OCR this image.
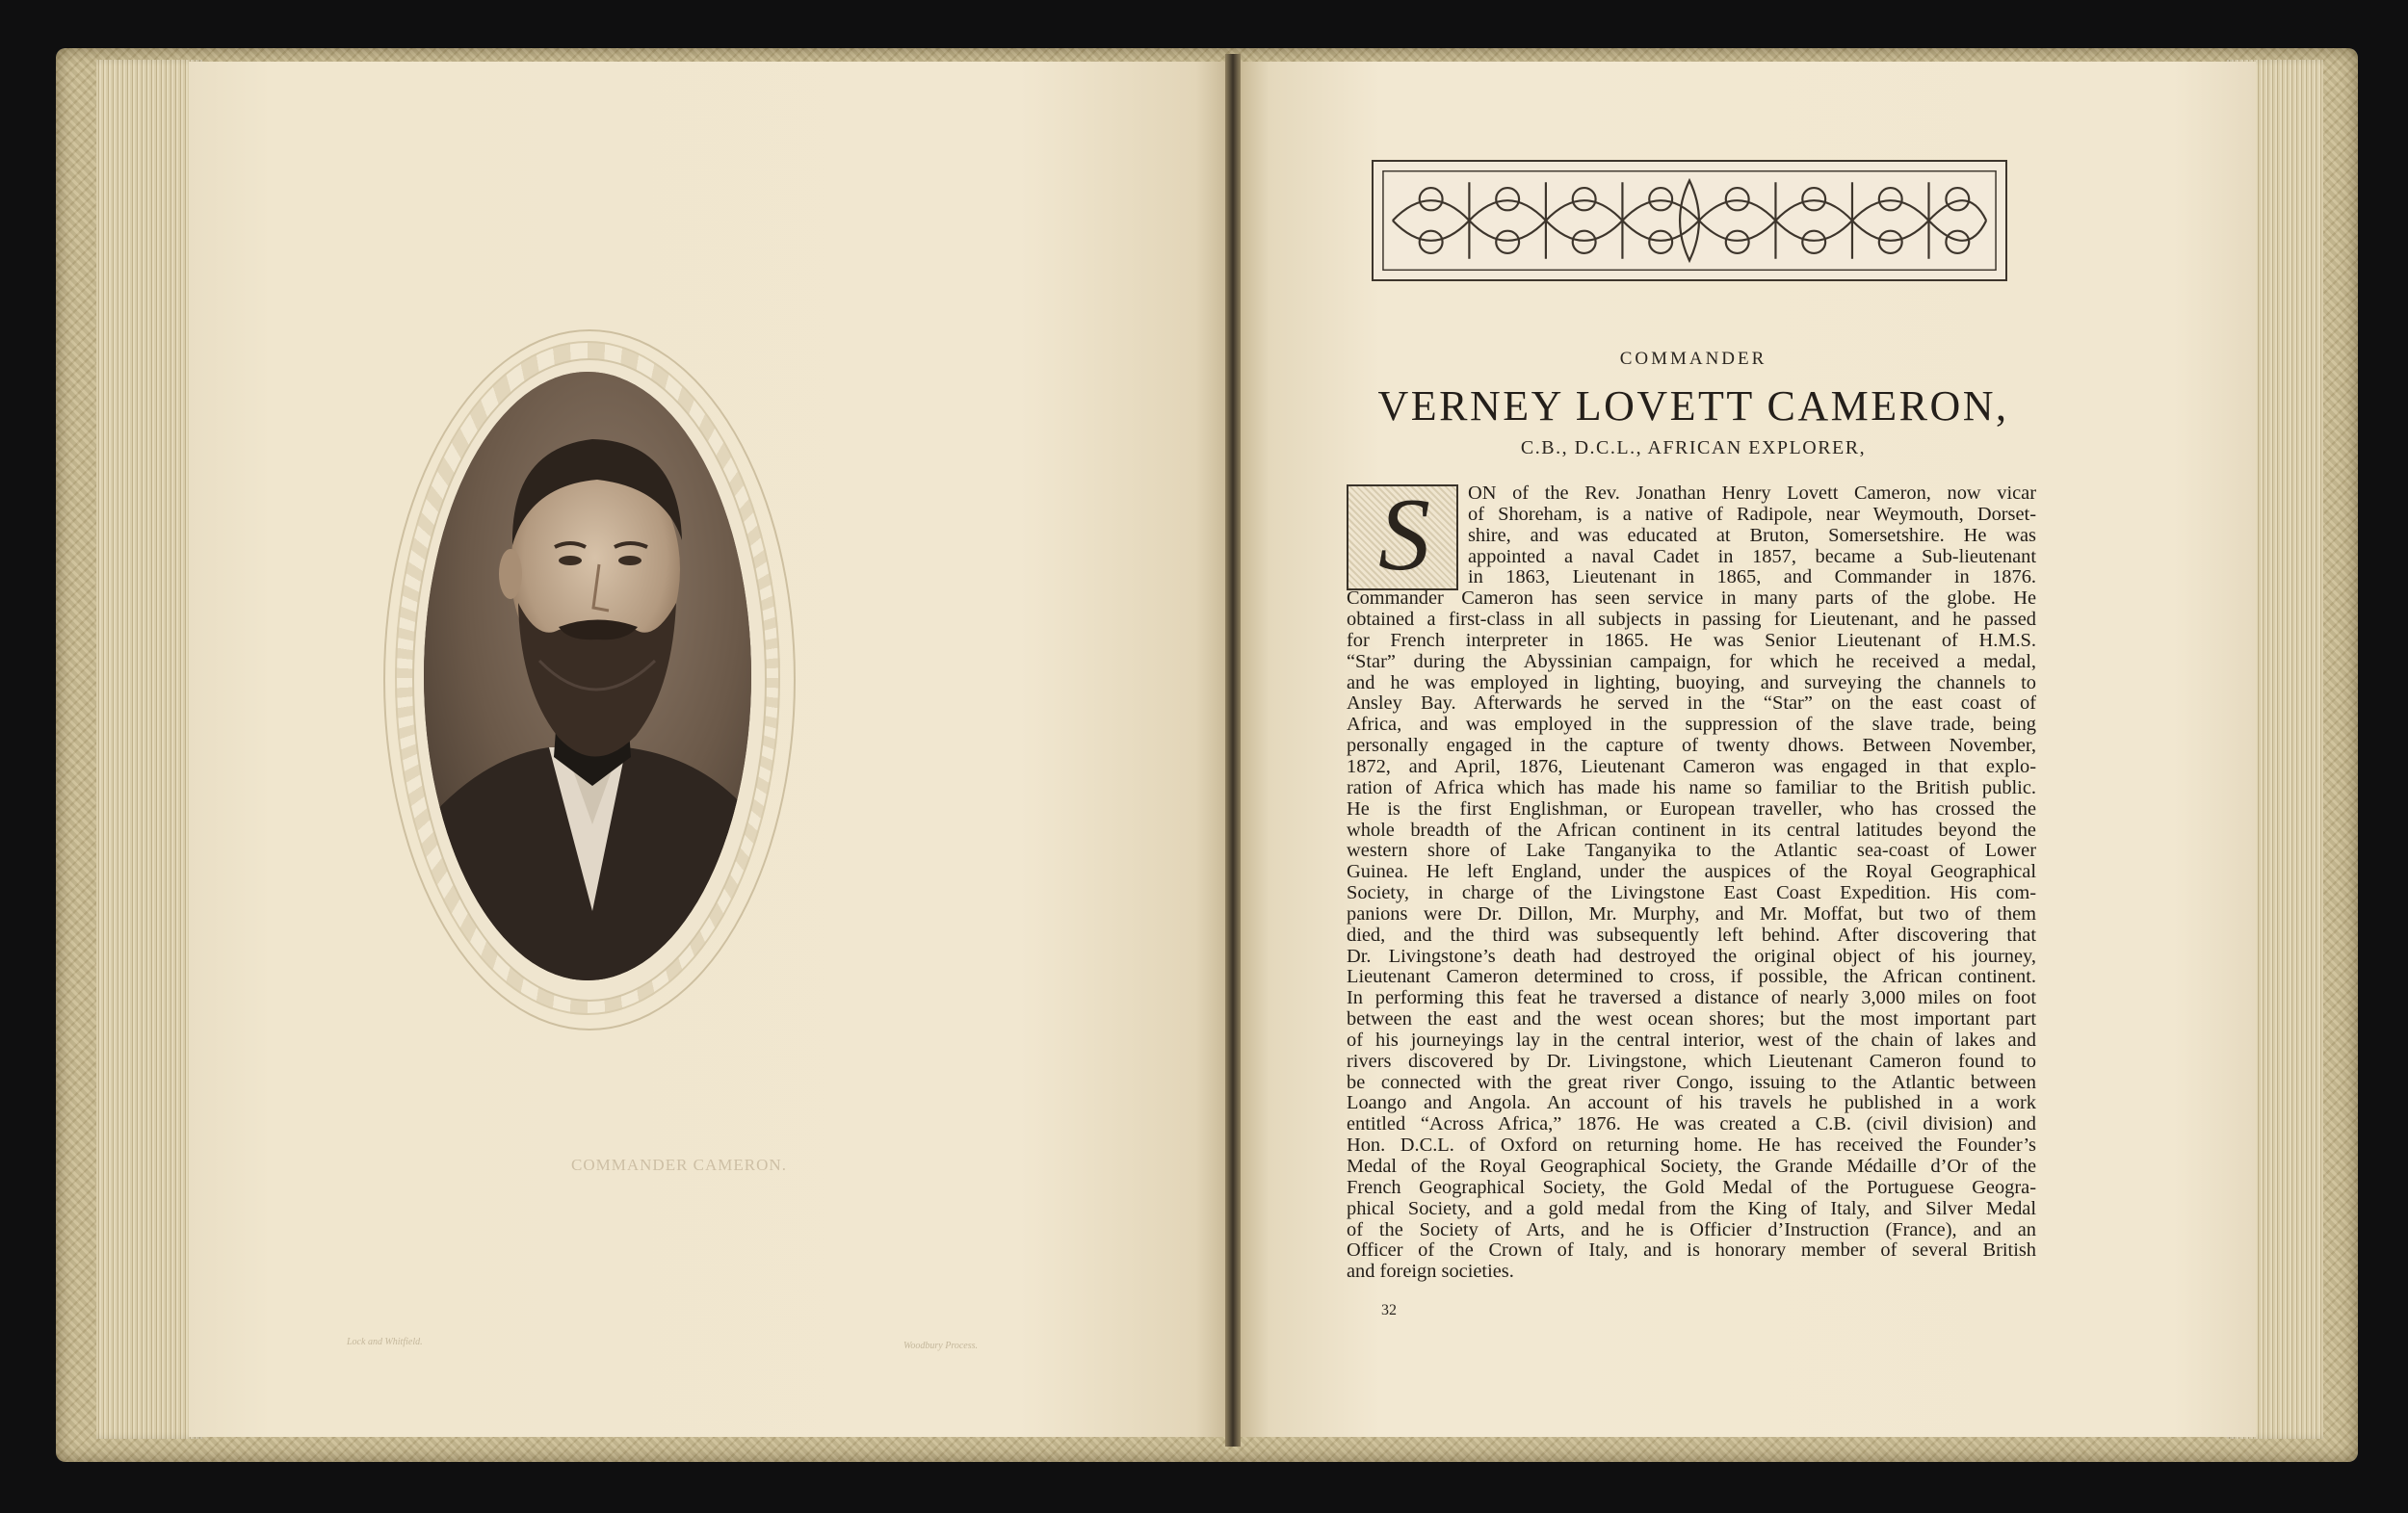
COMMANDER CAMERON.
Lock and Whitfield.	Woodbury Process.
COMMANDER
VERNEY LOVETT CAMERON,
C.B., D.C.L., AFRICAN EXPLORER,
S	ON of the Rev. Jonathan Henry Lovett Cameron, now vicar
of Shoreham, is a native of Radipole, near Weymouth, Dorset-
shire, and was educated at Bruton, Somersetshire. He was
appointed a naval Cadet in 1857, became a Sub-lieutenant
in 1863, Lieutenant in 1865, and Commander in 1876.
Commander Cameron has seen service in many parts of the globe. He
obtained a first-class in all subjects in passing for Lieutenant, and he passed
for French interpreter in 1865. He was Senior Lieutenant of H.M.S.
“Star” during the Abyssinian campaign, for which he received a medal,
and he was employed in lighting, buoying, and surveying the channels to
Ansley Bay. Afterwards he served in the “Star” on the east coast of
Africa, and was employed in the suppression of the slave trade, being
personally engaged in the capture of twenty dhows. Between November,
1872, and April, 1876, Lieutenant Cameron was engaged in that explo-
ration of Africa which has made his name so familiar to the British public.
He is the first Englishman, or European traveller, who has crossed the
whole breadth of the African continent in its central latitudes beyond the
western shore of Lake Tanganyika to the Atlantic sea-coast of Lower
Guinea. He left England, under the auspices of the Royal Geographical
Society, in charge of the Livingstone East Coast Expedition. His com-
panions were Dr. Dillon, Mr. Murphy, and Mr. Moffat, but two of them
died, and the third was subsequently left behind. After discovering that
Dr. Livingstone’s death had destroyed the original object of his journey,
Lieutenant Cameron determined to cross, if possible, the African continent.
In performing this feat he traversed a distance of nearly 3,000 miles on foot
between the east and the west ocean shores; but the most important part
of his journeyings lay in the central interior, west of the chain of lakes and
rivers discovered by Dr. Livingstone, which Lieutenant Cameron found to
be connected with the great river Congo, issuing to the Atlantic between
Loango and Angola. An account of his travels he published in a work
entitled “Across Africa,” 1876. He was created a C.B. (civil division) and
Hon. D.C.L. of Oxford on returning home. He has received the Founder’s
Medal of the Royal Geographical Society, the Grande Médaille d’Or of the
French Geographical Society, the Gold Medal of the Portuguese Geogra-
phical Society, and a gold medal from the King of Italy, and Silver Medal
of the Society of Arts, and he is Officier d’Instruction (France), and an
Officer of the Crown of Italy, and is honorary member of several British
and foreign societies.
32
